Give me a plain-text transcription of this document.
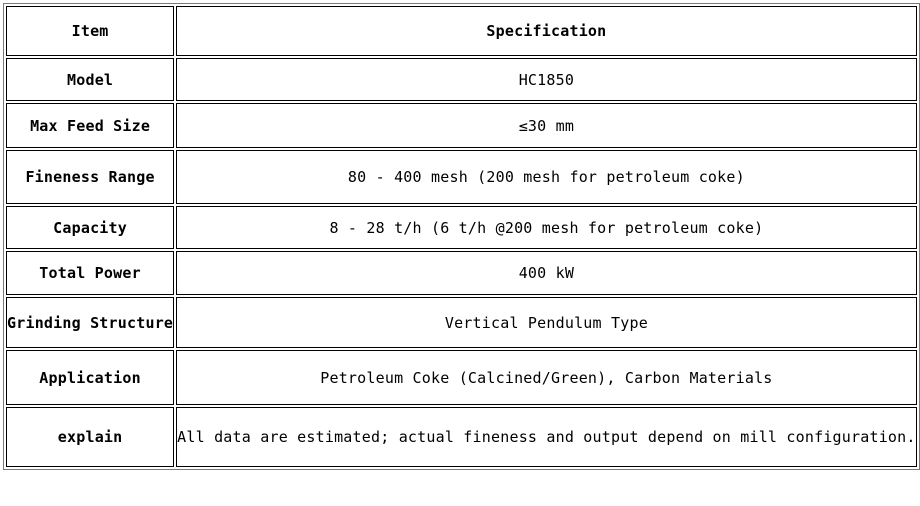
Item	Specification
Model	HC1850
Max Feed Size	≤30 mm
Fineness Range	80 - 400 mesh (200 mesh for petroleum coke)
Capacity	8 - 28 t/h (6 t/h @200 mesh for petroleum coke)
Total Power	400 kW
Grinding Structure	Vertical Pendulum Type
Application	Petroleum Coke (Calcined/Green), Carbon Materials
explain	All data are estimated; actual fineness and output depend on mill configuration.
